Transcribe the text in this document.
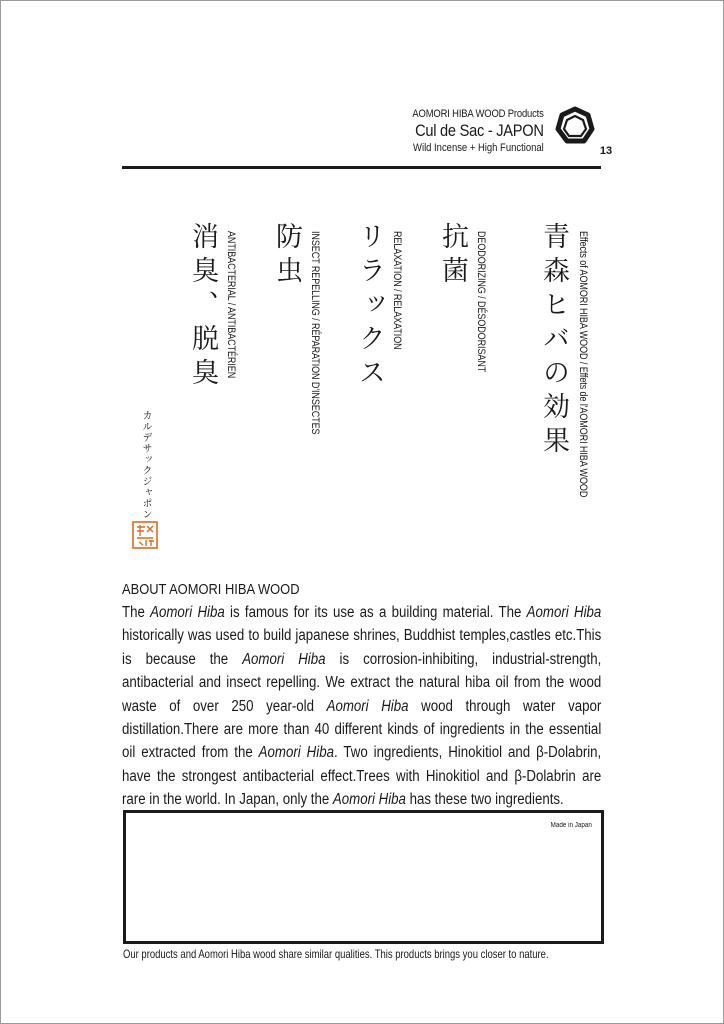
AOMORI HIBA WOOD Products
Cul de Sac - JAPON
Wild Incense + High Functional	13
Effects of AOMORI HIBA WOOD / Effets de l'AOMORI HIBA WOOD
青森ヒバの効果
DEODORIZING / DÉSODORISANT
抗菌
RELAXATION / RELAXATION
リラックス
INSECT REPELLING / RÉPARATION D'INSECTES
防虫
ANTIBACTERIAL / ANTIBACTÉRIEN
消臭、脱臭
カルデサックジャポン
ABOUT AOMORI HIBA WOOD
The Aomori Hiba is famous for its use as a building material. The Aomori Hiba historically was used to build japanese shrines, Buddhist temples,castles etc.This is because the Aomori Hiba is corrosion-inhibiting, industrial-strength, antibacterial and insect repelling. We extract the natural hiba oil from the wood waste of over 250 year-old Aomori Hiba wood through water vapor distillation.There are more than 40 different kinds of ingredients in the essential oil extracted from the Aomori Hiba. Two ingredients, Hinokitiol and β-Dolabrin, have the strongest antibacterial effect.Trees with Hinokitiol and β-Dolabrin are rare in the world. In Japan, only the Aomori Hiba has these two ingredients.
Made in Japan
Our products and Aomori Hiba wood share similar qualities. This products brings you closer to nature.
